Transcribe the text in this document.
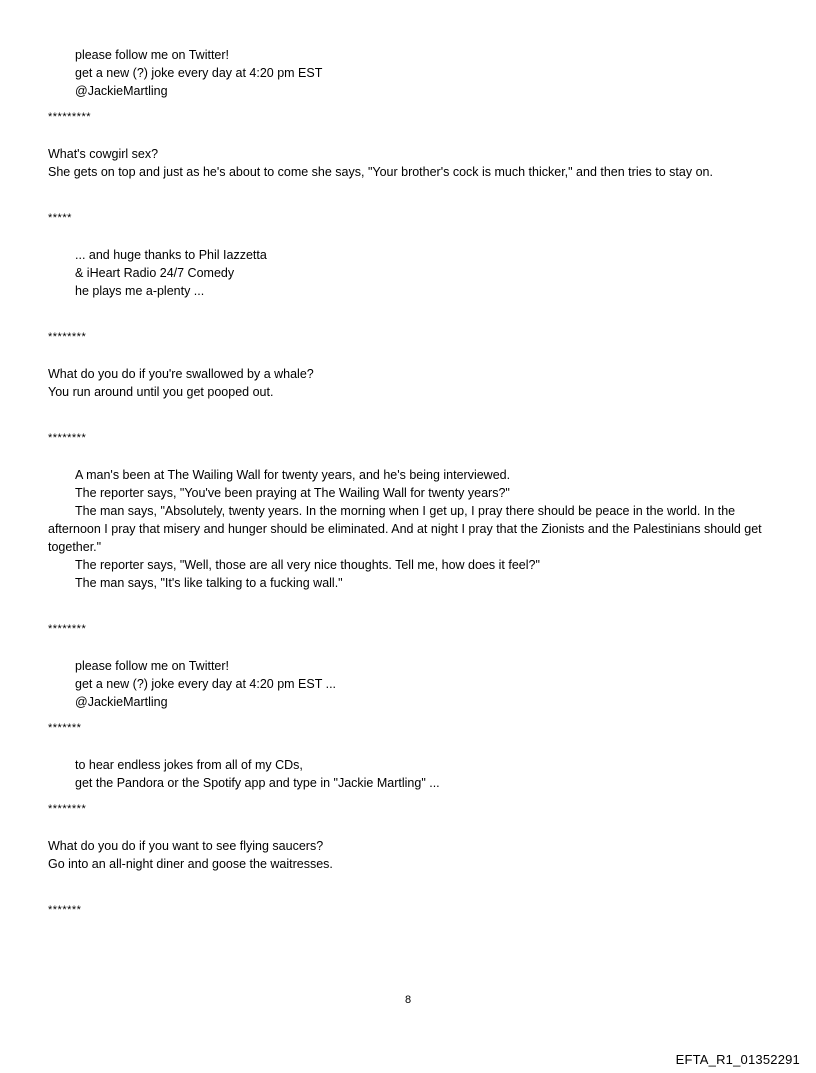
please follow me on Twitter!
get a new (?) joke every day at 4:20 pm EST
@JackieMartling
*********
What's cowgirl sex?
She gets on top and just as he's about to come she says, "Your brother's cock is much thicker," and then tries to stay on.
*****
... and huge thanks to Phil Iazzetta
& iHeart Radio 24/7 Comedy
he plays me a-plenty ...
********
What do you do if you're swallowed by a whale?
You run around until you get pooped out.
********
A man's been at The Wailing Wall for twenty years, and he's being interviewed.
The reporter says, "You've been praying at The Wailing Wall for twenty years?"
The man says, "Absolutely, twenty years. In the morning when I get up, I pray there should be peace in the world. In the afternoon I pray that misery and hunger should be eliminated. And at night I pray that the Zionists and the Palestinians should get together."
The reporter says, "Well, those are all very nice thoughts. Tell me, how does it feel?"
The man says, "It's like talking to a fucking wall."
********
please follow me on Twitter!
get a new (?) joke every day at 4:20 pm EST ...
@JackieMartling
*******
to hear endless jokes from all of my CDs,
get the Pandora or the Spotify app and type in "Jackie Martling" ...
********
What do you do if you want to see flying saucers?
Go into an all-night diner and goose the waitresses.
*******
8
EFTA_R1_01352291
